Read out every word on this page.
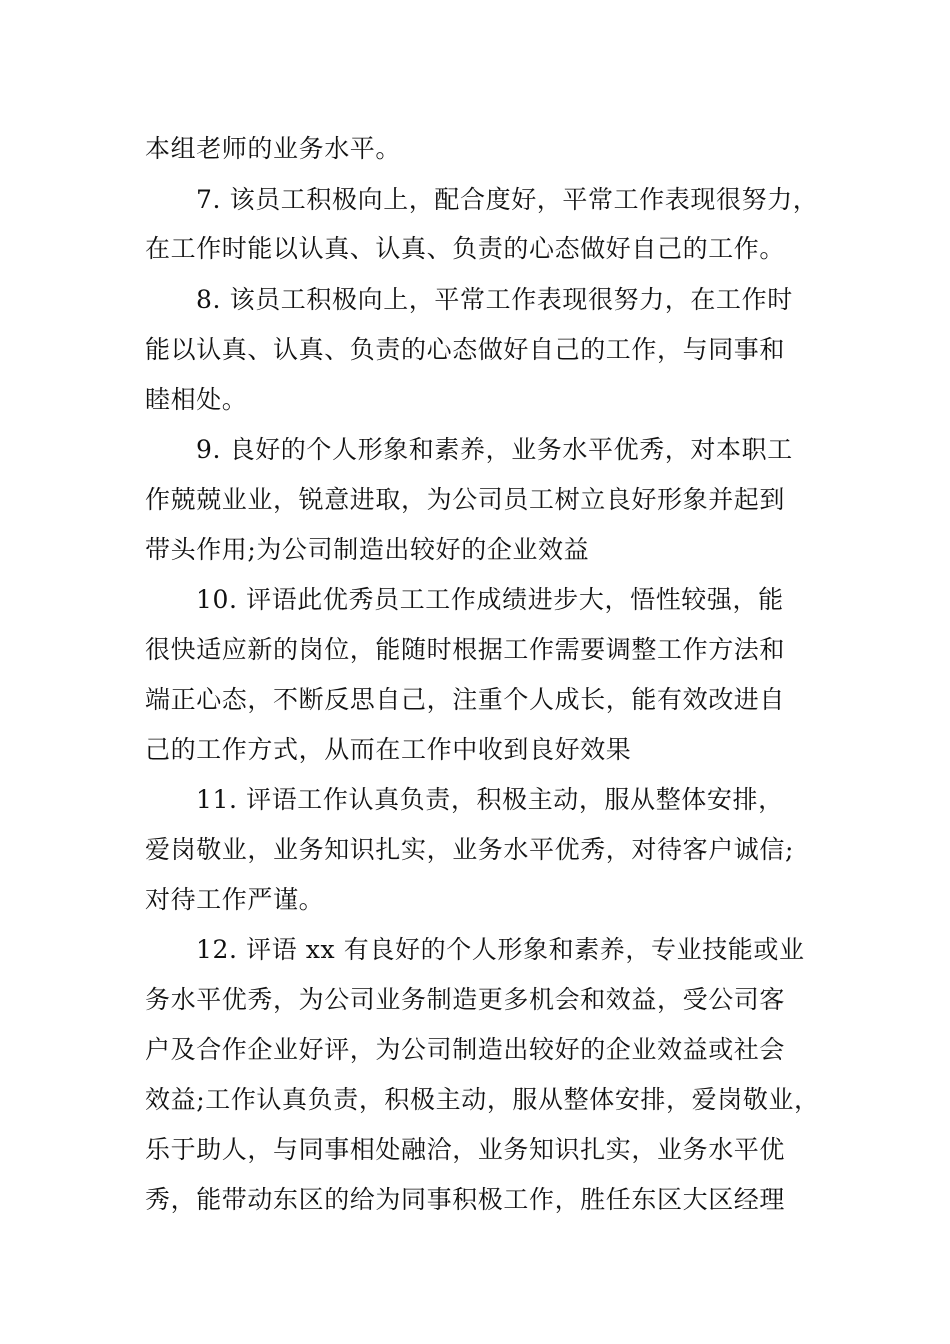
本组老师的业务水平。
7. 该员工积极向上，配合度好，平常工作表现很努力，
在工作时能以认真、认真、负责的心态做好自己的工作。
8. 该员工积极向上，平常工作表现很努力，在工作时
能以认真、认真、负责的心态做好自己的工作，与同事和
睦相处。
9. 良好的个人形象和素养，业务水平优秀，对本职工
作兢兢业业，锐意进取，为公司员工树立良好形象并起到
带头作用;为公司制造出较好的企业效益
10. 评语此优秀员工工作成绩进步大，悟性较强，能
很快适应新的岗位，能随时根据工作需要调整工作方法和
端正心态，不断反思自己，注重个人成长，能有效改进自
己的工作方式，从而在工作中收到良好效果
11. 评语工作认真负责，积极主动，服从整体安排，
爱岗敬业，业务知识扎实，业务水平优秀，对待客户诚信;
对待工作严谨。
12. 评语 xx 有良好的个人形象和素养，专业技能或业
务水平优秀，为公司业务制造更多机会和效益，受公司客
户及合作企业好评，为公司制造出较好的企业效益或社会
效益;工作认真负责，积极主动，服从整体安排，爱岗敬业，
乐于助人，与同事相处融洽，业务知识扎实，业务水平优
秀，能带动东区的给为同事积极工作，胜任东区大区经理
